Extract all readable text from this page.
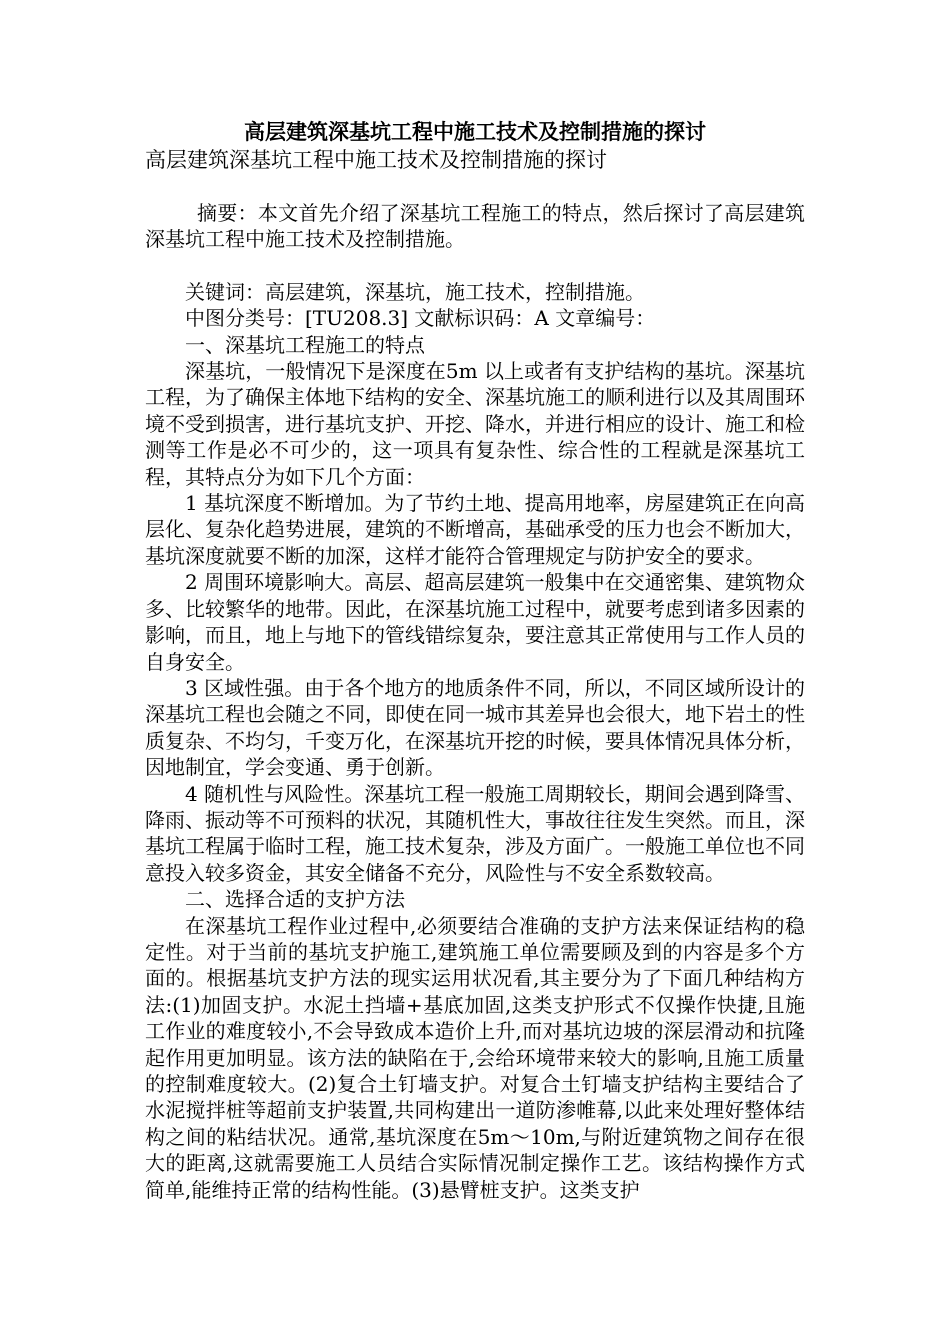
高层建筑深基坑工程中施工技术及控制措施的探讨

高层建筑深基坑工程中施工技术及控制措施的探讨

摘要：本文首先介绍了深基坑工程施工的特点，然后探讨了高层建筑深基坑工程中施工技术及控制措施。

关键词：高层建筑，深基坑，施工技术，控制措施。

中图分类号：[TU208.3] 文献标识码：A 文章编号：

一、深基坑工程施工的特点

深基坑，一般情况下是深度在5m 以上或者有支护结构的基坑。深基坑工程，为了确保主体地下结构的安全、深基坑施工的顺利进行以及其周围环境不受到损害，进行基坑支护、开挖、降水，并进行相应的设计、施工和检测等工作是必不可少的，这一项具有复杂性、综合性的工程就是深基坑工程，其特点分为如下几个方面：

1 基坑深度不断增加。为了节约土地、提高用地率，房屋建筑正在向高层化、复杂化趋势进展，建筑的不断增高，基础承受的压力也会不断加大，基坑深度就要不断的加深，这样才能符合管理规定与防护安全的要求。

2 周围环境影响大。高层、超高层建筑一般集中在交通密集、建筑物众多、比较繁华的地带。因此，在深基坑施工过程中，就要考虑到诸多因素的影响，而且，地上与地下的管线错综复杂，要注意其正常使用与工作人员的自身安全。

3 区域性强。由于各个地方的地质条件不同，所以，不同区域所设计的深基坑工程也会随之不同，即使在同一城市其差异也会很大，地下岩土的性质复杂、不均匀，千变万化，在深基坑开挖的时候，要具体情况具体分析，因地制宜，学会变通、勇于创新。

4 随机性与风险性。深基坑工程一般施工周期较长，期间会遇到降雪、降雨、振动等不可预料的状况，其随机性大，事故往往发生突然。而且，深基坑工程属于临时工程，施工技术复杂，涉及方面广。一般施工单位也不同意投入较多资金，其安全储备不充分，风险性与不安全系数较高。

二、选择合适的支护方法

在深基坑工程作业过程中,必须要结合准确的支护方法来保证结构的稳定性。对于当前的基坑支护施工,建筑施工单位需要顾及到的内容是多个方面的。根据基坑支护方法的现实运用状况看,其主要分为了下面几种结构方法:(1)加固支护。水泥土挡墙+基底加固,这类支护形式不仅操作快捷,且施工作业的难度较小,不会导致成本造价上升,而对基坑边坡的深层滑动和抗隆起作用更加明显。该方法的缺陷在于,会给环境带来较大的影响,且施工质量的控制难度较大。(2)复合土钉墙支护。对复合土钉墙支护结构主要结合了水泥搅拌桩等超前支护装置,共同构建出一道防渗帷幕,以此来处理好整体结构之间的粘结状况。通常,基坑深度在5m～10m,与附近建筑物之间存在很大的距离,这就需要施工人员结合实际情况制定操作工艺。该结构操作方式简单,能维持正常的结构性能。(3)悬臂桩支护。这类支护
